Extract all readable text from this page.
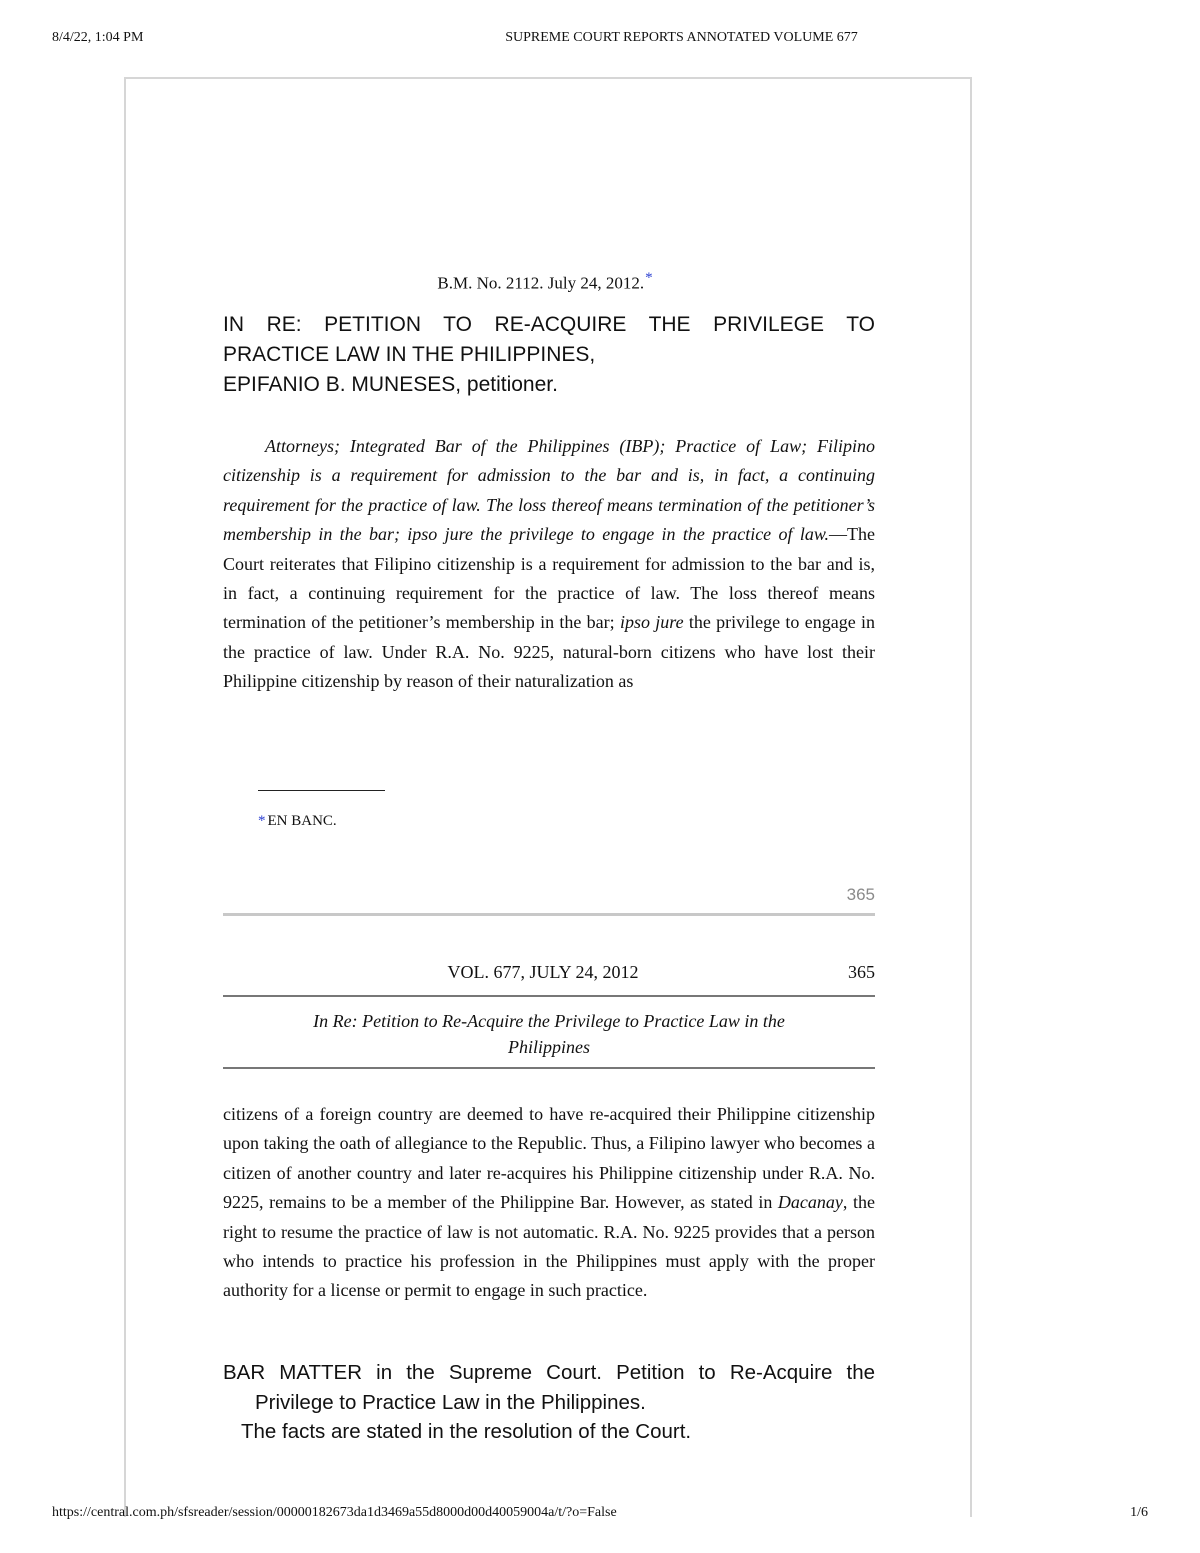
8/4/22, 1:04 PM	SUPREME COURT REPORTS ANNOTATED VOLUME 677
B.M. No. 2112. July 24, 2012.*
IN RE: PETITION TO RE-ACQUIRE THE PRIVILEGE TO
PRACTICE LAW IN THE PHILIPPINES,
EPIFANIO B. MUNESES, petitioner.
Attorneys; Integrated Bar of the Philippines (IBP); Practice of Law; Filipino citizenship is a requirement for admission to the bar and is, in fact, a continuing requirement for the practice of law. The loss thereof means termination of the petitioner’s membership in the bar; ipso jure the privilege to engage in the practice of law.—The Court reiterates that Filipino citizenship is a requirement for admission to the bar and is, in fact, a continuing requirement for the practice of law. The loss thereof means termination of the petitioner’s membership in the bar; ipso jure the privilege to engage in the practice of law. Under R.A. No. 9225, natural-born citizens who have lost their Philippine citizenship by reason of their naturalization as
* EN BANC.
365
VOL. 677, JULY 24, 2012	365
In Re: Petition to Re-Acquire the Privilege to Practice Law in the
Philippines
citizens of a foreign country are deemed to have re-acquired their Philippine citizenship upon taking the oath of allegiance to the Republic. Thus, a Filipino lawyer who becomes a citizen of another country and later re-acquires his Philippine citizenship under R.A. No. 9225, remains to be a member of the Philippine Bar. However, as stated in Dacanay, the right to resume the practice of law is not automatic. R.A. No. 9225 provides that a person who intends to practice his profession in the Philippines must apply with the proper authority for a license or permit to engage in such practice.
BAR MATTER in the Supreme Court. Petition to Re-Acquire the
Privilege to Practice Law in the Philippines.
The facts are stated in the resolution of the Court.
https://central.com.ph/sfsreader/session/00000182673da1d3469a55d8000d00d40059004a/t/?o=False	1/6
